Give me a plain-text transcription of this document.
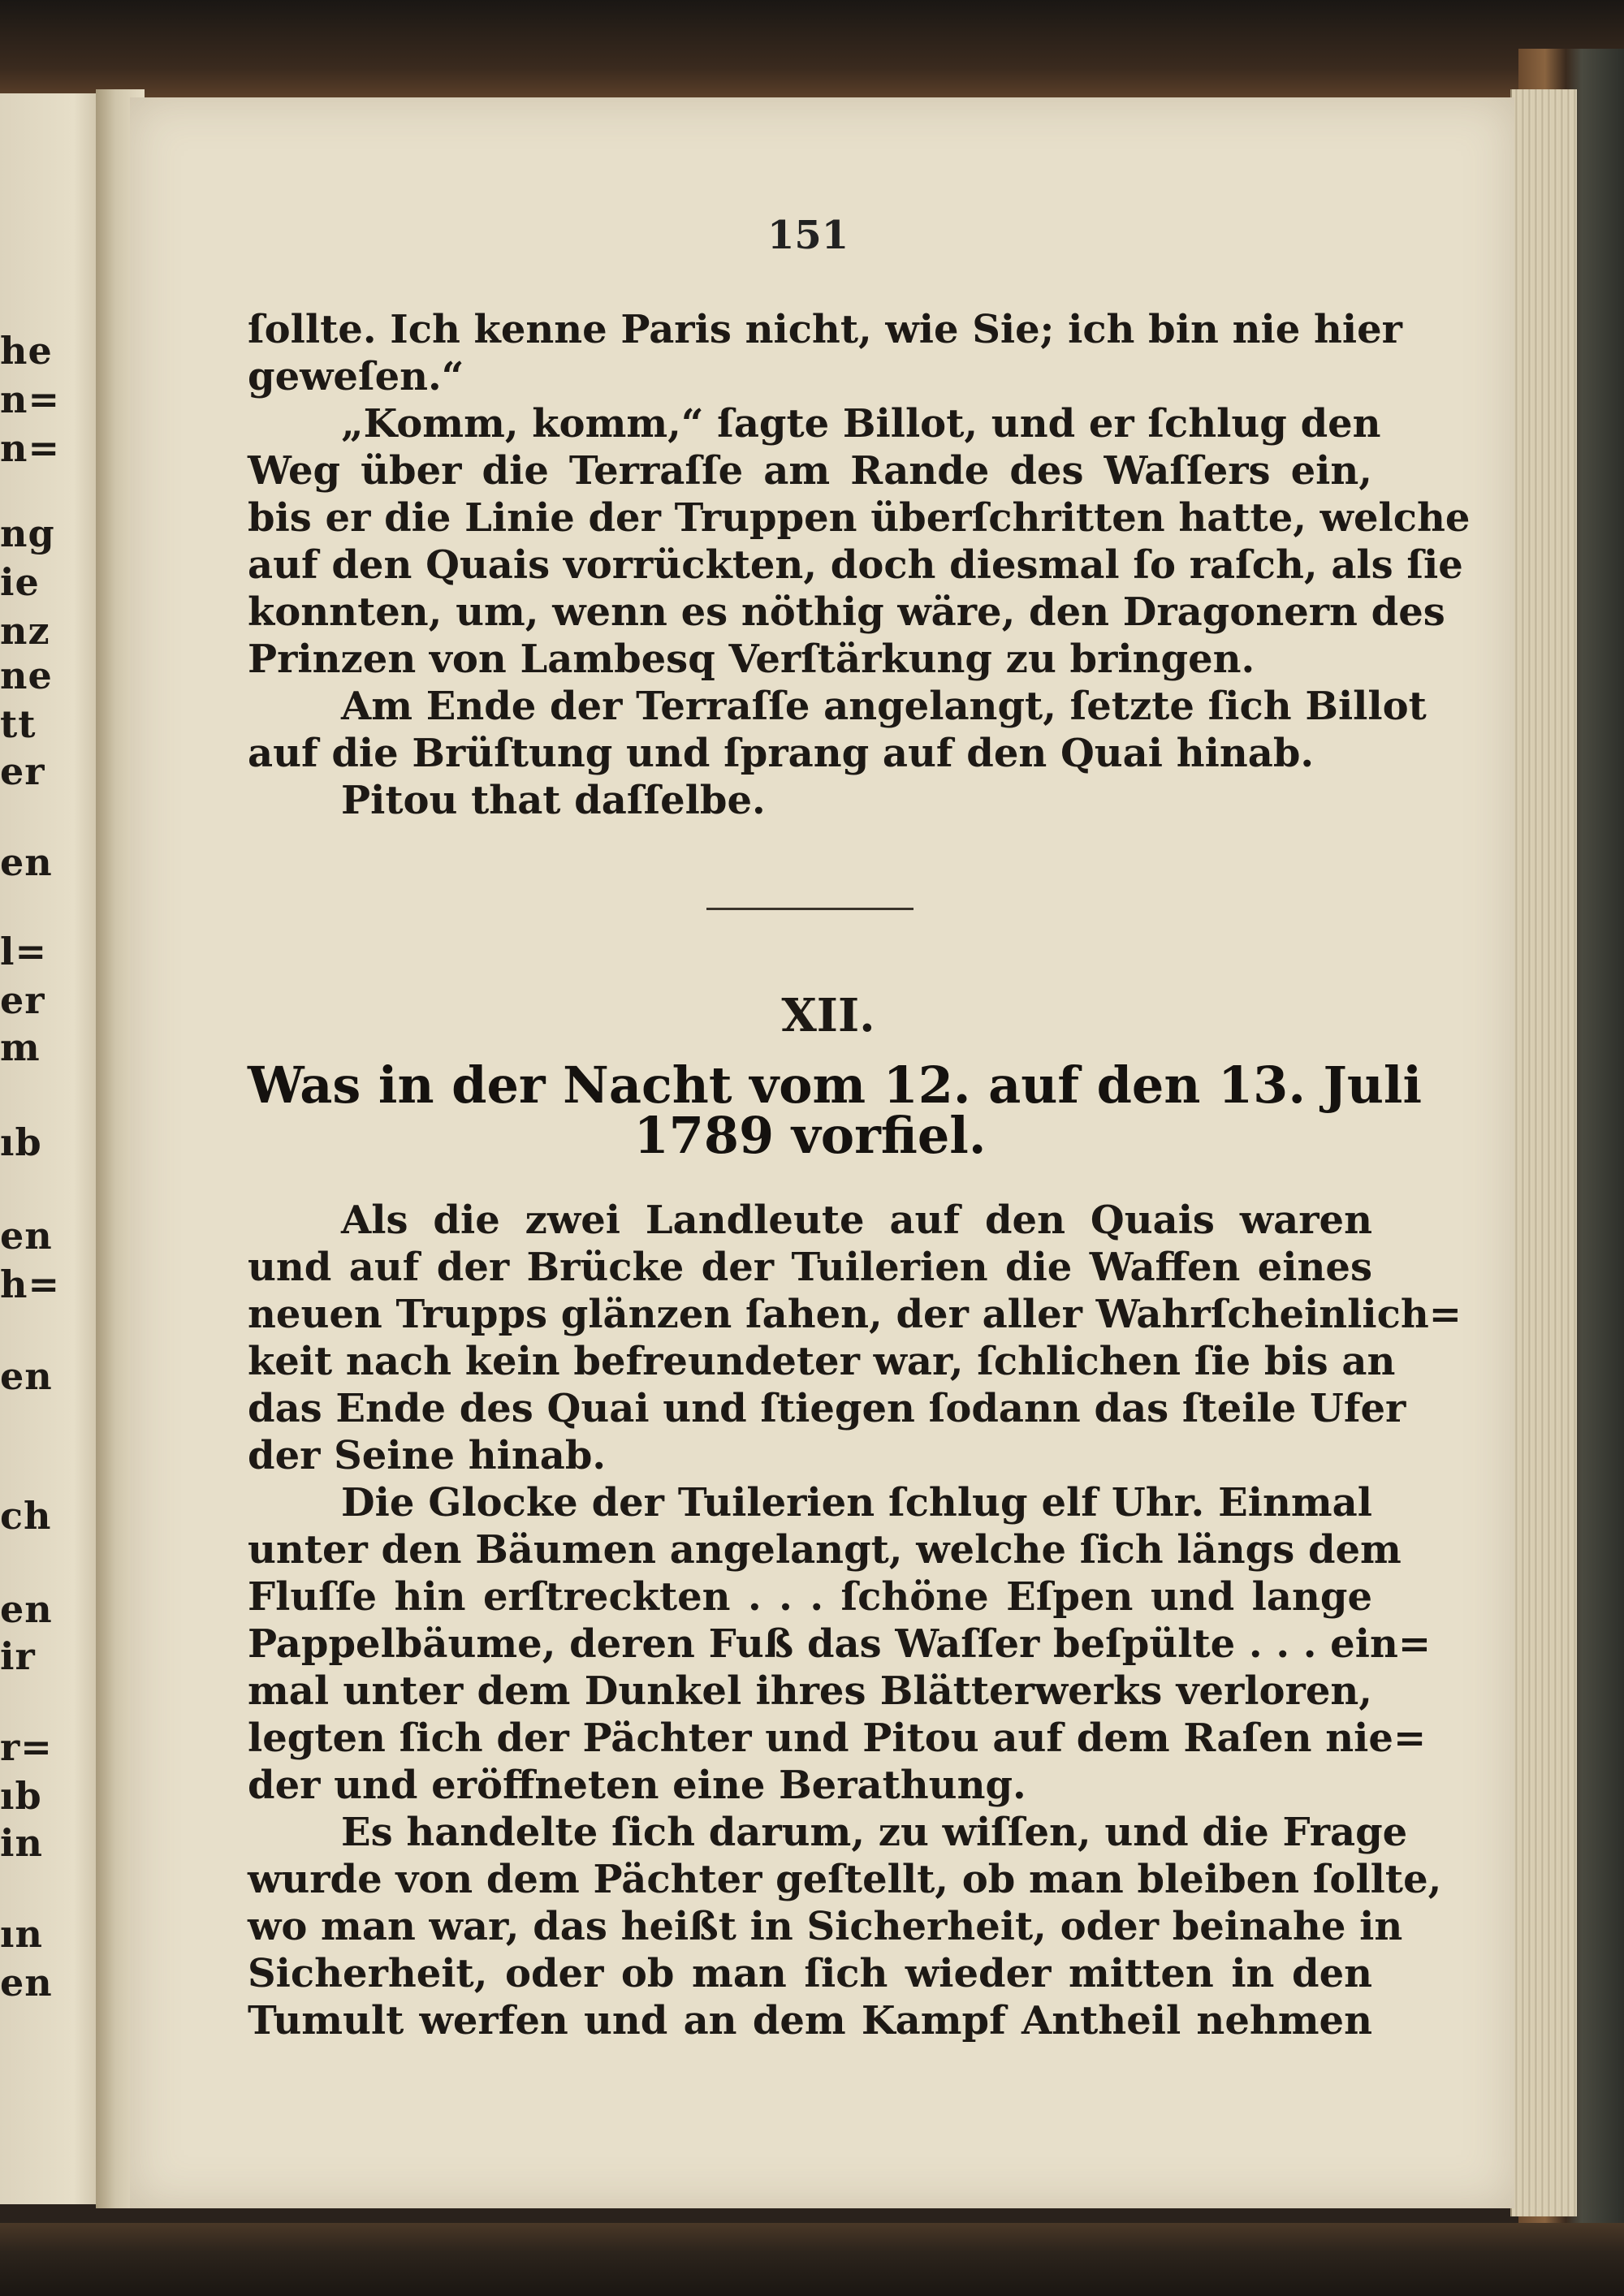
he
n=
n=
ng
ie
nz
ne
tt
er
en
l=
er
m
ıb
en
h=
en
ch
en
ir
r=
ıb
in
ın
en
151
ſollte. Ich kenne Paris nicht, wie Sie; ich bin nie hier
geweſen.“
„Komm, komm,“ ſagte Billot, und er ſchlug den
Weg über die Terraſſe am Rande des Waſſers ein,
bis er die Linie der Truppen überſchritten hatte, welche
auf den Quais vorrückten, doch diesmal ſo raſch, als ſie
konnten, um, wenn es nöthig wäre, den Dragonern des
Prinzen von Lambesq Verſtärkung zu bringen.
Am Ende der Terraſſe angelangt, ſetzte ſich Billot
auf die Brüſtung und ſprang auf den Quai hinab.
Pitou that daſſelbe.
XII.
Was in der Nacht vom 12. auf den 13. Juli
1789 vorfiel.
Als die zwei Landleute auf den Quais waren
und auf der Brücke der Tuilerien die Waffen eines
neuen Trupps glänzen ſahen, der aller Wahrſcheinlich=
keit nach kein befreundeter war, ſchlichen ſie bis an
das Ende des Quai und ſtiegen ſodann das ſteile Ufer
der Seine hinab.
Die Glocke der Tuilerien ſchlug elf Uhr. Einmal
unter den Bäumen angelangt, welche ſich längs dem
Fluſſe hin erſtreckten . . . ſchöne Eſpen und lange
Pappelbäume, deren Fuß das Waſſer beſpülte . . . ein=
mal unter dem Dunkel ihres Blätterwerks verloren,
legten ſich der Pächter und Pitou auf dem Raſen nie=
der und eröffneten eine Berathung.
Es handelte ſich darum, zu wiſſen, und die Frage
wurde von dem Pächter geſtellt, ob man bleiben ſollte,
wo man war, das heißt in Sicherheit, oder beinahe in
Sicherheit, oder ob man ſich wieder mitten in den
Tumult werfen und an dem Kampf Antheil nehmen
